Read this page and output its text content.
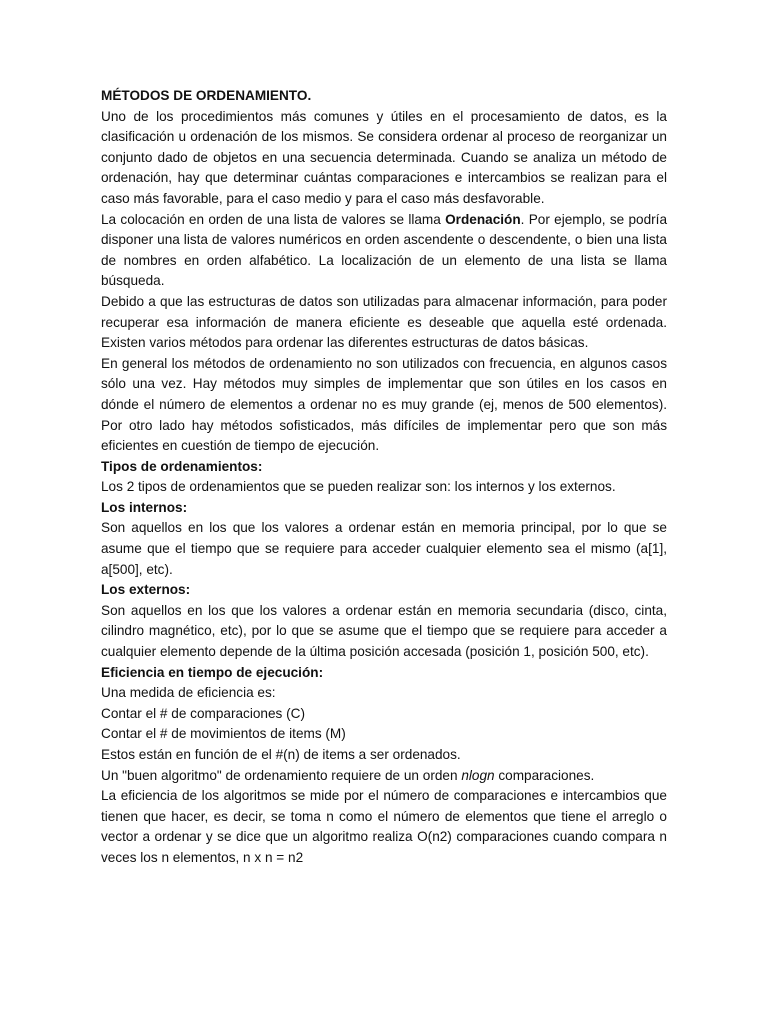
MÉTODOS DE ORDENAMIENTO.

Uno de los procedimientos más comunes y útiles en el procesamiento de datos, es la clasificación u ordenación de los mismos. Se considera ordenar al proceso de reorganizar un conjunto dado de objetos en una secuencia determinada. Cuando se analiza un método de ordenación, hay que determinar cuántas comparaciones e intercambios se realizan para el caso más favorable, para el caso medio y para el caso más desfavorable.

La colocación en orden de una lista de valores se llama Ordenación. Por ejemplo, se podría disponer una lista de valores numéricos en orden ascendente o descendente, o bien una lista de nombres en orden alfabético. La localización de un elemento de una lista se llama búsqueda.

Debido a que las estructuras de datos son utilizadas para almacenar información, para poder recuperar esa información de manera eficiente es deseable que aquella esté ordenada. Existen varios métodos para ordenar las diferentes estructuras de datos básicas.

En general los métodos de ordenamiento no son utilizados con frecuencia, en algunos casos sólo una vez. Hay métodos muy simples de implementar que son útiles en los casos en dónde el número de elementos a ordenar no es muy grande (ej, menos de 500 elementos). Por otro lado hay métodos sofisticados, más difíciles de implementar pero que son más eficientes en cuestión de tiempo de ejecución.

Tipos de ordenamientos:

Los 2 tipos de ordenamientos que se pueden realizar son: los internos y los externos.

Los internos:

Son aquellos en los que los valores a ordenar están en memoria principal, por lo que se asume que el tiempo que se requiere para acceder cualquier elemento sea el mismo (a[1], a[500], etc).

Los externos:

Son aquellos en los que los valores a ordenar están en memoria secundaria (disco, cinta, cilindro magnético, etc), por lo que se asume que el tiempo que se requiere para acceder a cualquier elemento depende de la última posición accesada (posición 1, posición 500, etc).

Eficiencia en tiempo de ejecución:

Una medida de eficiencia es:

Contar el # de comparaciones (C)

Contar el # de movimientos de items (M)

Estos están en función de el #(n) de items a ser ordenados.

Un "buen algoritmo" de ordenamiento requiere de un orden nlogn comparaciones.

La eficiencia de los algoritmos se mide por el número de comparaciones e intercambios que tienen que hacer, es decir, se toma n como el número de elementos que tiene el arreglo o vector a ordenar y se dice que un algoritmo realiza O(n2) comparaciones cuando compara n veces los n elementos, n x n = n2
